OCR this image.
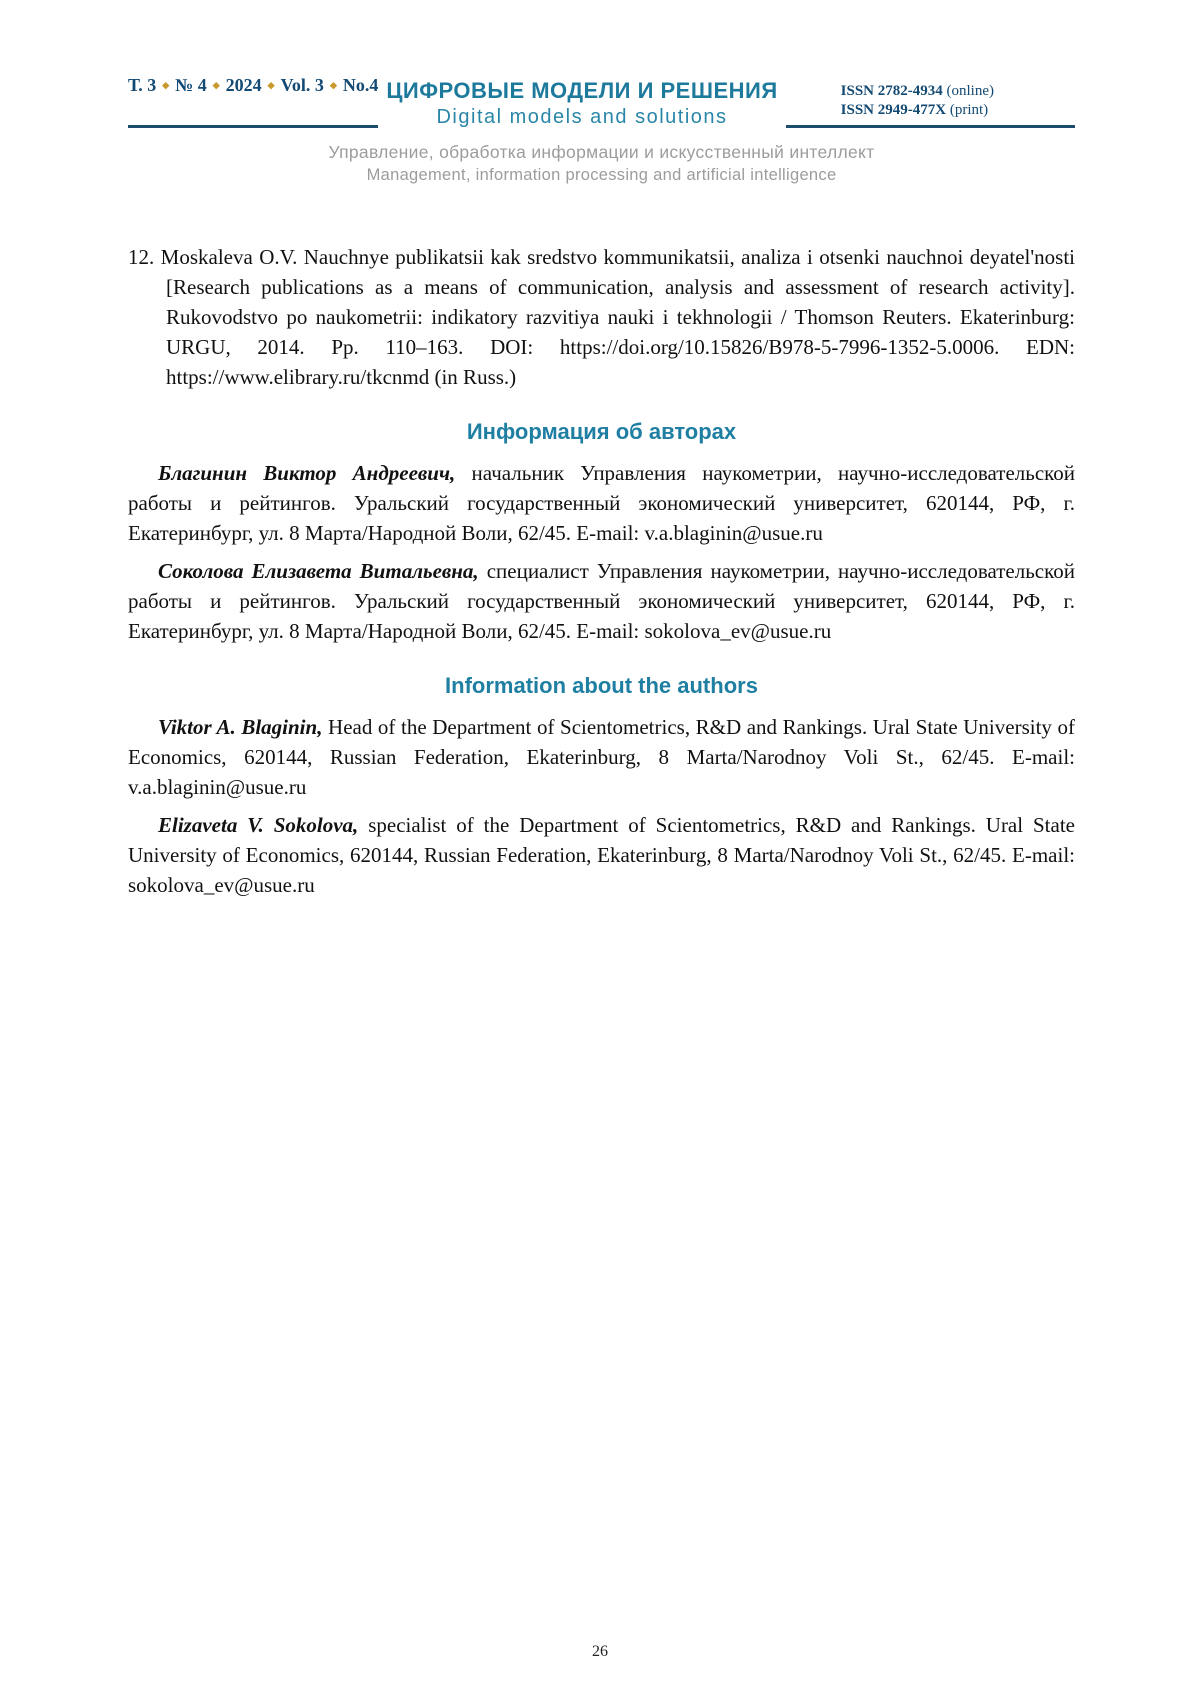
Т. 3 ◆ № 4 ◆ 2024 ◆ Vol. 3 ◆ No.4 ЦИФРОВЫЕ МОДЕЛИ И РЕШЕНИЯ
Digital models and solutions
ISSN 2782-4934 (online)
ISSN 2949-477X (print)
Управление, обработка информации и искусственный интеллект
Management, information processing and artificial intelligence

12. Moskaleva O.V. Nauchnye publikatsii kak sredstvo kommunikatsii, analiza i otsenki nauchnoi deyatel'nosti [Research publications as a means of communication, analysis and assessment of research activity]. Rukovodstvo po naukometrii: indikatory razvitiya nauki i tekhnologii / Thomson Reuters. Ekaterinburg: URGU, 2014. Pp. 110–163. DOI: https://doi.org/10.15826/B978-5-7996-1352-5.0006. EDN: https://www.elibrary.ru/tkcnmd (in Russ.)

Информация об авторах

Благинин Виктор Андреевич, начальник Управления наукометрии, научно-исследовательской работы и рейтингов. Уральский государственный экономический университет, 620144, РФ, г. Екатеринбург, ул. 8 Марта/Народной Воли, 62/45. E-mail: v.a.blaginin@usue.ru

Соколова Елизавета Витальевна, специалист Управления наукометрии, научно-исследовательской работы и рейтингов. Уральский государственный экономический университет, 620144, РФ, г. Екатеринбург, ул. 8 Марта/Народной Воли, 62/45. E-mail: sokolova_ev@usue.ru

Information about the authors

Viktor A. Blaginin, Head of the Department of Scientometrics, R&D and Rankings. Ural State University of Economics, 620144, Russian Federation, Ekaterinburg, 8 Marta/Narodnoy Voli St., 62/45. E-mail: v.a.blaginin@usue.ru

Elizaveta V. Sokolova, specialist of the Department of Scientometrics, R&D and Rankings. Ural State University of Economics, 620144, Russian Federation, Ekaterinburg, 8 Marta/Narodnoy Voli St., 62/45. E-mail: sokolova_ev@usue.ru

26
